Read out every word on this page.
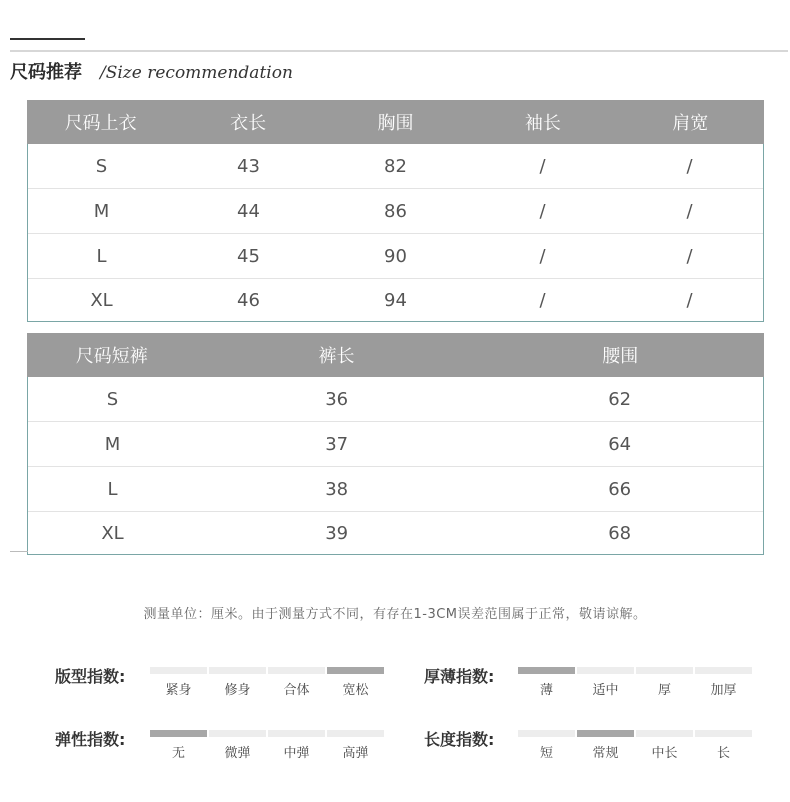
尺码推荐 /Size recommendation
尺码上衣	衣长	胸围	袖长	肩宽
S	43	82	/	/
M	44	86	/	/
L	45	90	/	/
XL	46	94	/	/
尺码短裤	裤长	腰围
S	36	62
M	37	64
L	38	66
XL	39	68
测量单位：厘米。由于测量方式不同，有存在1-3CM误差范围属于正常，敬请谅解。
版型指数:
紧身	修身	合体	宽松
厚薄指数:
薄	适中	厚	加厚
弹性指数:
无	微弹	中弹	高弹
长度指数:
短	常规	中长	长
